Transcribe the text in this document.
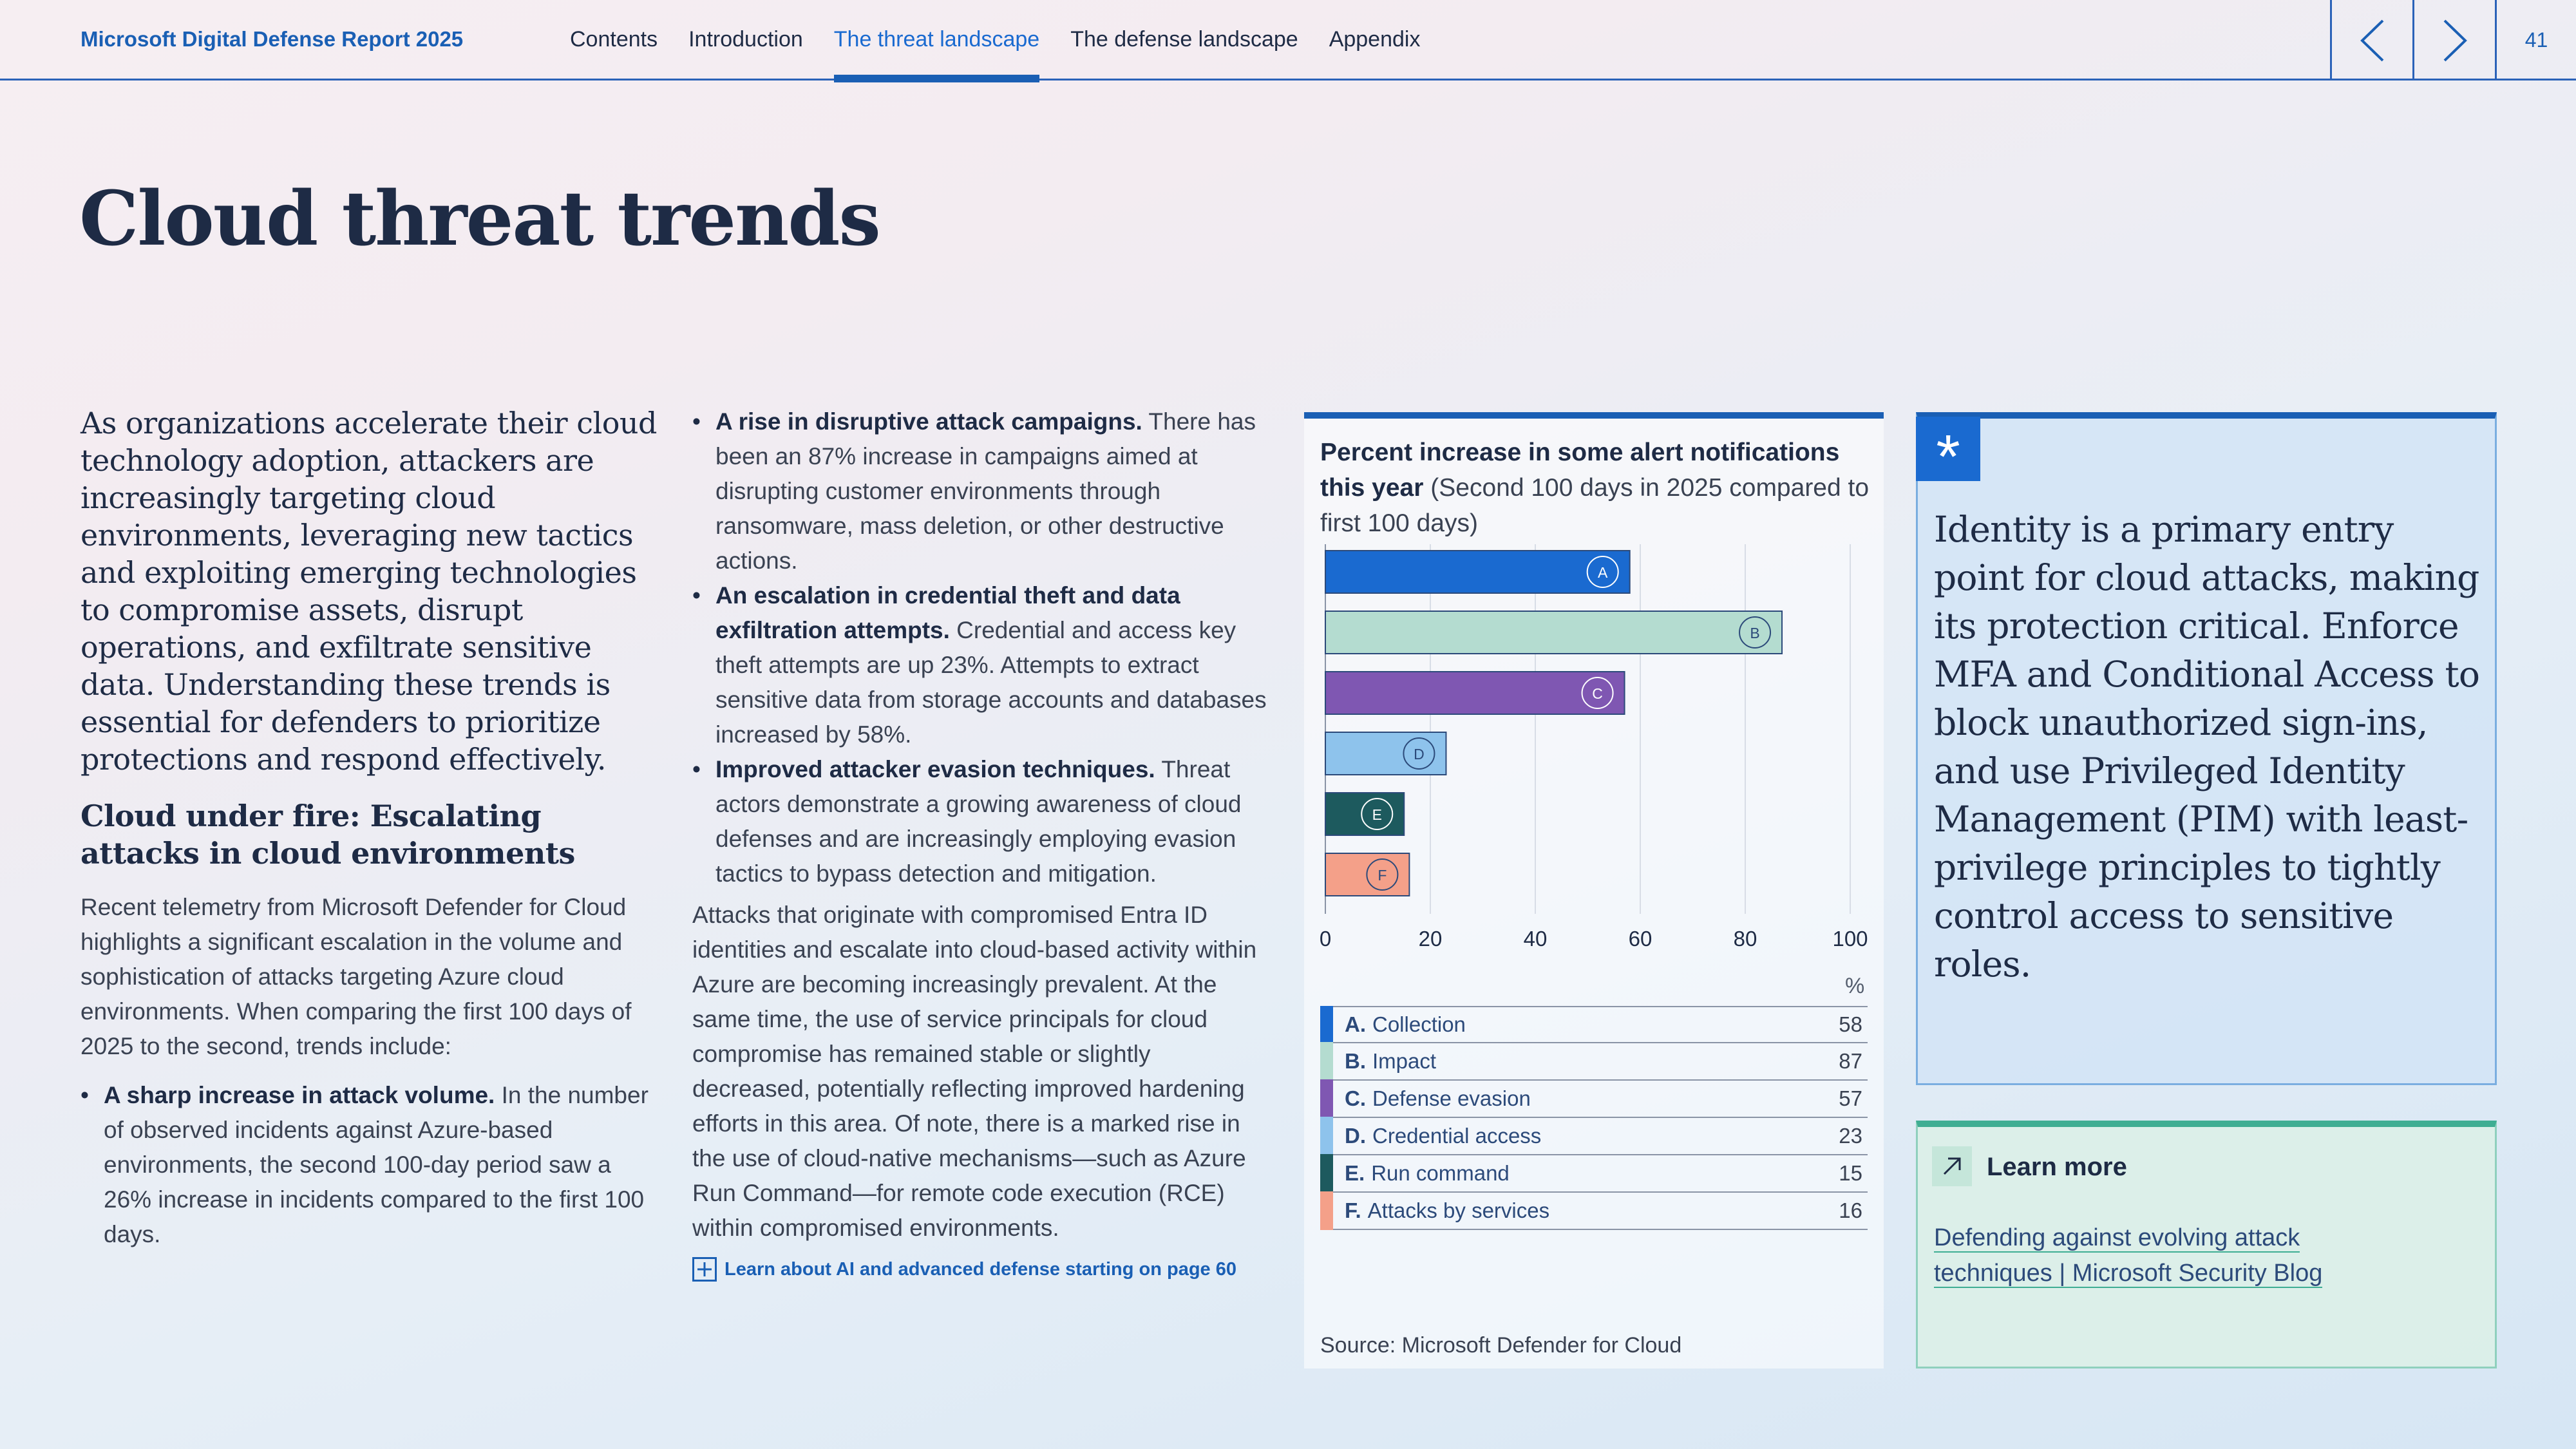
Microsoft Digital Defense Report 2025	Contents Introduction The threat landscape The defense landscape Appendix	41
Cloud threat trends

As organizations accelerate their cloud technology adoption, attackers are increasingly targeting cloud environments, leveraging new tactics and exploiting emerging technologies to compromise assets, disrupt operations, and exfiltrate sensitive data. Understanding these trends is essential for defenders to prioritize protections and respond effectively.

Cloud under fire: Escalating attacks in cloud environments

Recent telemetry from Microsoft Defender for Cloud highlights a significant escalation in the volume and sophistication of attacks targeting Azure cloud environments. When comparing the first 100 days of 2025 to the second, trends include:

• A sharp increase in attack volume. In the number of observed incidents against Azure-based environments, the second 100-day period saw a 26% increase in incidents compared to the first 100 days.
• A rise in disruptive attack campaigns. There has been an 87% increase in campaigns aimed at disrupting customer environments through ransomware, mass deletion, or other destructive actions.
• An escalation in credential theft and data exfiltration attempts. Credential and access key theft attempts are up 23%. Attempts to extract sensitive data from storage accounts and databases increased by 58%.
• Improved attacker evasion techniques. Threat actors demonstrate a growing awareness of cloud defenses and are increasingly employing evasion tactics to bypass detection and mitigation.

Attacks that originate with compromised Entra ID identities and escalate into cloud-based activity within Azure are becoming increasingly prevalent. At the same time, the use of service principals for cloud compromise has remained stable or slightly decreased, potentially reflecting improved hardening efforts in this area. Of note, there is a marked rise in the use of cloud-native mechanisms—such as Azure Run Command—for remote code execution (RCE) within compromised environments.

Learn about AI and advanced defense starting on page 60
Percent increase in some alert notifications this year (Second 100 days in 2025 compared to first 100 days)
0	20	40	60	80	100
A
B
C
D
E
F
%
A. Collection	58
B. Impact	87
C. Defense evasion	57
D. Credential access	23
E. Run command	15
F. Attacks by services	16
Source: Microsoft Defender for Cloud
*

Identity is a primary entry point for cloud attacks, making its protection critical. Enforce MFA and Conditional Access to block unauthorized sign-ins, and use Privileged Identity Management (PIM) with least-privilege principles to tightly control access to sensitive roles.

Learn more
Defending against evolving attack techniques | Microsoft Security Blog
